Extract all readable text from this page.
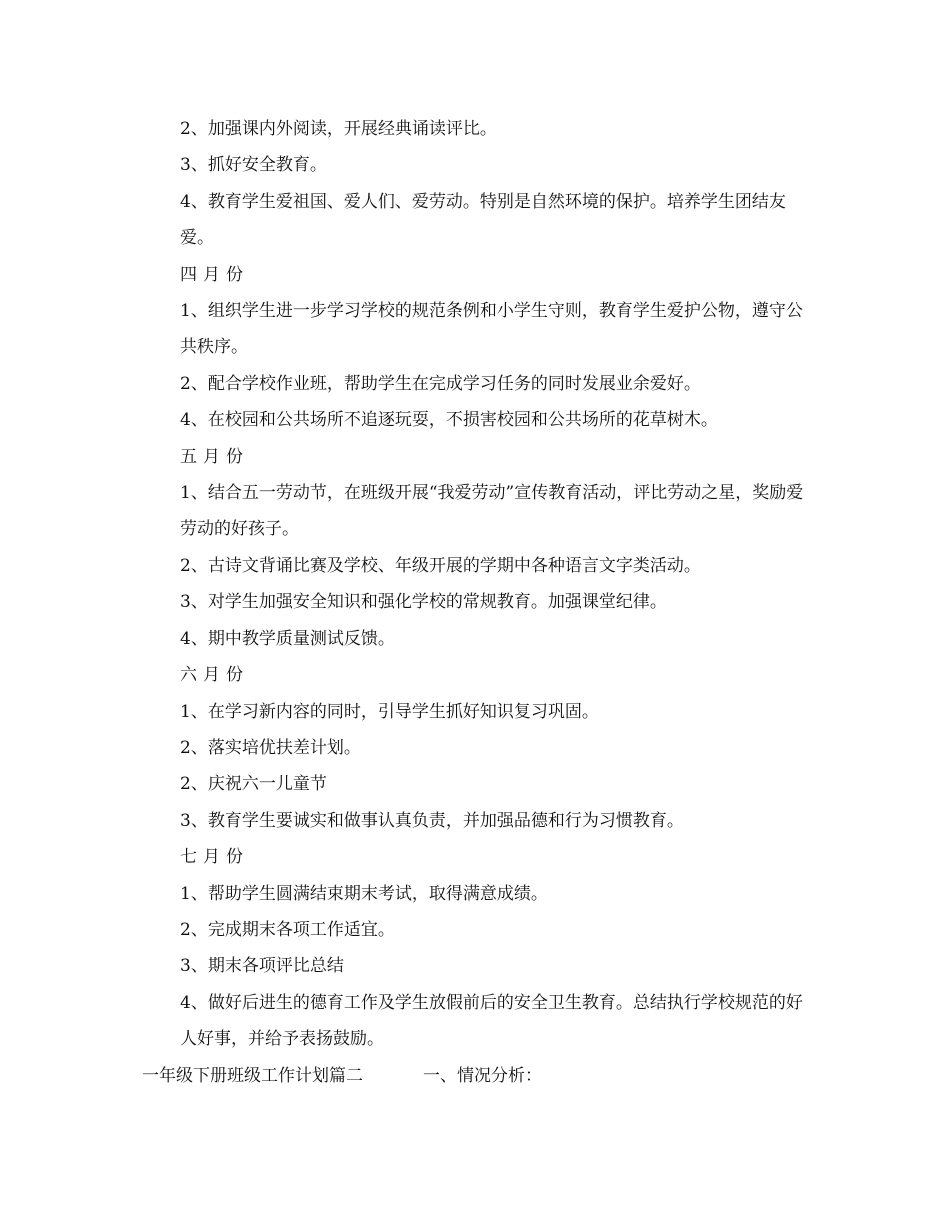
2、加强课内外阅读，开展经典诵读评比。
3、抓好安全教育。
4、教育学生爱祖国、爱人们、爱劳动。特别是自然环境的保护。培养学生团结友爱。
四月份
1、组织学生进一步学习学校的规范条例和小学生守则，教育学生爱护公物，遵守公共秩序。
2、配合学校作业班，帮助学生在完成学习任务的同时发展业余爱好。
4、在校园和公共场所不追逐玩耍，不损害校园和公共场所的花草树木。
五月份
1、结合五一劳动节，在班级开展“我爱劳动”宣传教育活动，评比劳动之星，奖励爱劳动的好孩子。
2、古诗文背诵比赛及学校、年级开展的学期中各种语言文字类活动。
3、对学生加强安全知识和强化学校的常规教育。加强课堂纪律。
4、期中教学质量测试反馈。
六月份
1、在学习新内容的同时，引导学生抓好知识复习巩固。
2、落实培优扶差计划。
2、庆祝六一儿童节
3、教育学生要诚实和做事认真负责，并加强品德和行为习惯教育。
七月份
1、帮助学生圆满结束期末考试，取得满意成绩。
2、完成期末各项工作适宜。
3、期末各项评比总结
4、做好后进生的德育工作及学生放假前后的安全卫生教育。总结执行学校规范的好人好事，并给予表扬鼓励。
一年级下册班级工作计划篇二	一、情况分析：
